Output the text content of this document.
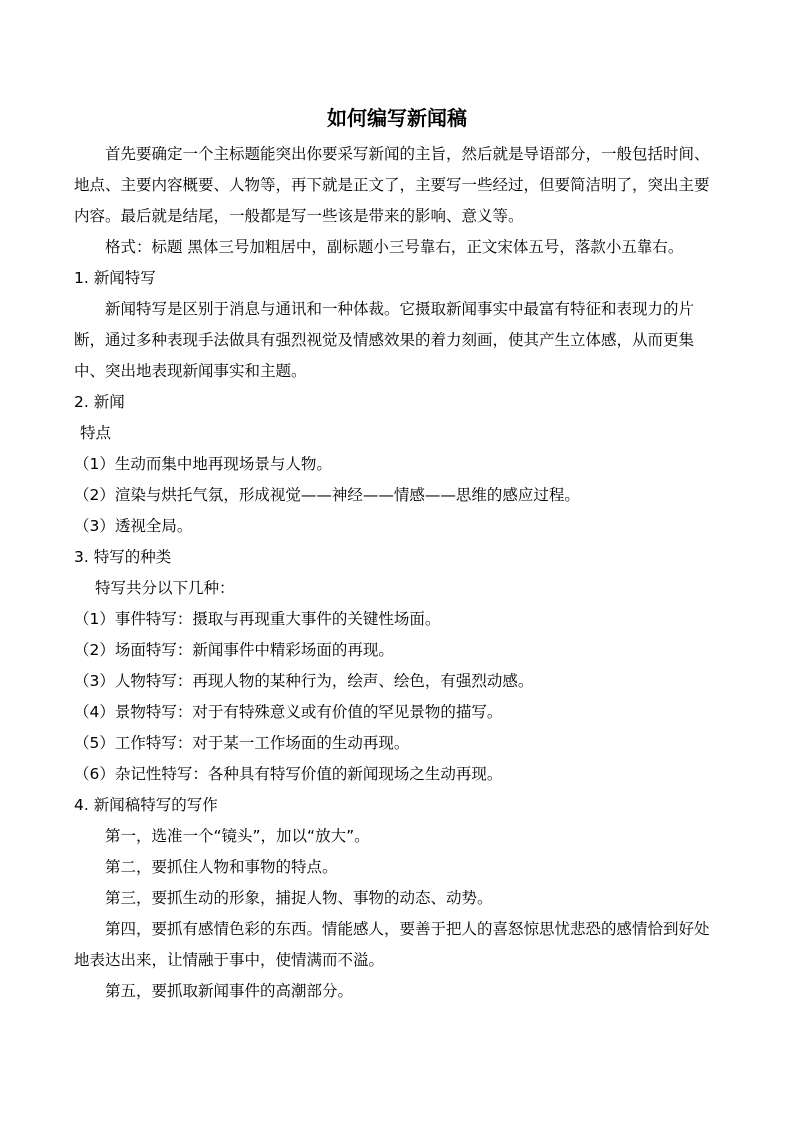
如何编写新闻稿
首先要确定一个主标题能突出你要采写新闻的主旨，然后就是导语部分，一般包括时间、地点、主要内容概要、人物等，再下就是正文了，主要写一些经过，但要简洁明了，突出主要内容。最后就是结尾，一般都是写一些该是带来的影响、意义等。
格式：标题 黑体三号加粗居中，副标题小三号靠右，正文宋体五号，落款小五靠右。
1. 新闻特写
新闻特写是区别于消息与通讯和一种体裁。它摄取新闻事实中最富有特征和表现力的片断，通过多种表现手法做具有强烈视觉及情感效果的着力刻画，使其产生立体感，从而更集中、突出地表现新闻事实和主题。
2. 新闻
特点
（1）生动而集中地再现场景与人物。
（2）渲染与烘托气氛，形成视觉——神经——情感——思维的感应过程。
（3）透视全局。
3. 特写的种类
特写共分以下几种：
（1）事件特写：摄取与再现重大事件的关键性场面。
（2）场面特写：新闻事件中精彩场面的再现。
（3）人物特写：再现人物的某种行为，绘声、绘色，有强烈动感。
（4）景物特写：对于有特殊意义或有价值的罕见景物的描写。
（5）工作特写：对于某一工作场面的生动再现。
（6）杂记性特写：各种具有特写价值的新闻现场之生动再现。
4. 新闻稿特写的写作
第一，选准一个“镜头”，加以“放大”。
第二，要抓住人物和事物的特点。
第三，要抓生动的形象，捕捉人物、事物的动态、动势。
第四，要抓有感情色彩的东西。情能感人，要善于把人的喜怒惊思忧悲恐的感情恰到好处地表达出来，让情融于事中，使情满而不溢。
第五，要抓取新闻事件的高潮部分。
